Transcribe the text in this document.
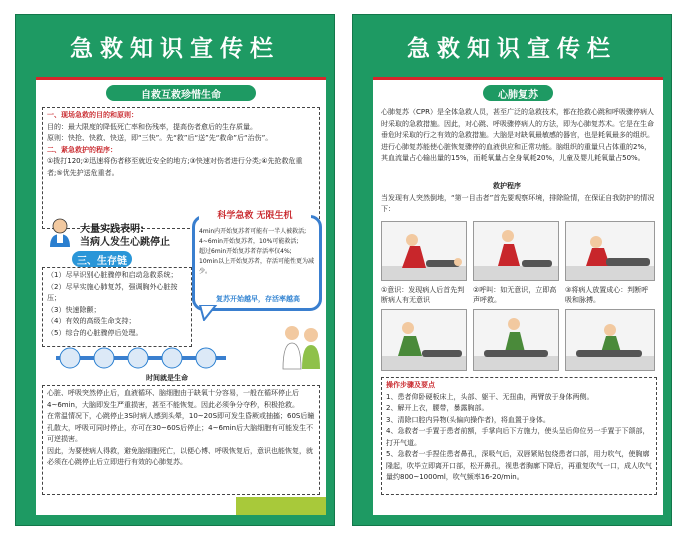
急救知识宣传栏
自救互救珍惜生命

一、现场急救的目的和原则：

目的：最大限度的降低死亡率和伤残率，提高伤者愈后的生存质量。

原则：快抢、快救、快送，即“三快”。先“救”后“送”先“救命”后“治伤”。

二、紧急救护的程序：

①拨打120;②迅速将伤者移至就近安全的地方;③快速对伤者进行分类;④先抢救危重者;⑤优先护送危重者。

大量实践表明:
当病人发生心跳停止
三、生存链
科学急救 无限生机
4min内开始复苏者可能有一半人被救活;
4~6min开始复苏者，10%可能救活;
超过6min开始复苏者存活率仅4%;
10min以上开始复苏者，存活可能性更为减少。
复苏开始越早，存活率越高

（1）尽早识别心脏骤停和启动急救系统；

（2）尽早实施心肺复苏，强调胸外心脏按压；

（3）快速除颤；

（4）有效的高级生命支持；

（5）综合的心脏骤停后处理。

时间就是生命

心脏、呼吸突然停止后，血液循环、脑细胞由于缺氧十分容易，一般在循环停止后4~6min，大脑即发生严重损害，甚至不能恢复。因此必须争分夺秒，积极抢救。

在常温情况下，心跳停止3S时病人感到头晕，10~20S即可发生昏厥或抽搐；60S后瞳孔散大，呼吸可同时停止，亦可在30~60S后停止；4~6min后大脑细胞有可能发生不可逆损害。

因此，为要使病人得救，避免脑细胞死亡，以便心博、呼吸恢复后，意识也能恢复，就必须在心跳停止后立即进行有效的心肺复苏。

急救知识宣传栏
心肺复苏
心肺复苏（CPR）是全体急救人员，甚至广泛的急救技术，都在抢救心跳和呼吸骤停病人时采取的急救措施。因此，对心跳、呼吸骤停病人的方法，即为心肺复苏术。它是在生命垂危时采取的行之有效的急救措施。大脑是对缺氧最敏感的器官，也是耗氧最多的组织。进行心肺复苏能使心脏恢复骤停的血液供应和正常功能。脑组织的重量只占体重的2%，其血流量占心输出量的15%，而耗氧量占全身氧耗20%，儿童及婴儿耗氧量占50%。
救护程序
当发现有人突然倒地，“第一目击者”首先要观察环境，排除险情，在保证自我防护的情况下：
①意识：发现病人后首先判断病人有无意识
②呼叫：如无意识，立即高声呼救。
③将病人放置成心：判断呼吸和脉搏。

操作步骤及要点

1、患者仰卧硬板床上，头部、躯干、无扭曲，两臂放于身体两侧。

2、解开上衣，腰带，暴露胸部。

3、清除口腔内异物(头偏向操作者)，将血置于身体。

4、急救者一手置于患者前额，手掌向后下方施力，使头呈后仰位另一手置于下颌部，打开气道。

5、急救者一手捏住患者鼻孔，深吸气后，双唇紧贴包绕患者口部，用力吹气，使胸廓隆起，吹毕立即离开口部，松开鼻孔，视患者胸廓下降后，再重复吹气一口，成人吹气量约800~1000ml，吹气频率16-20/min。
